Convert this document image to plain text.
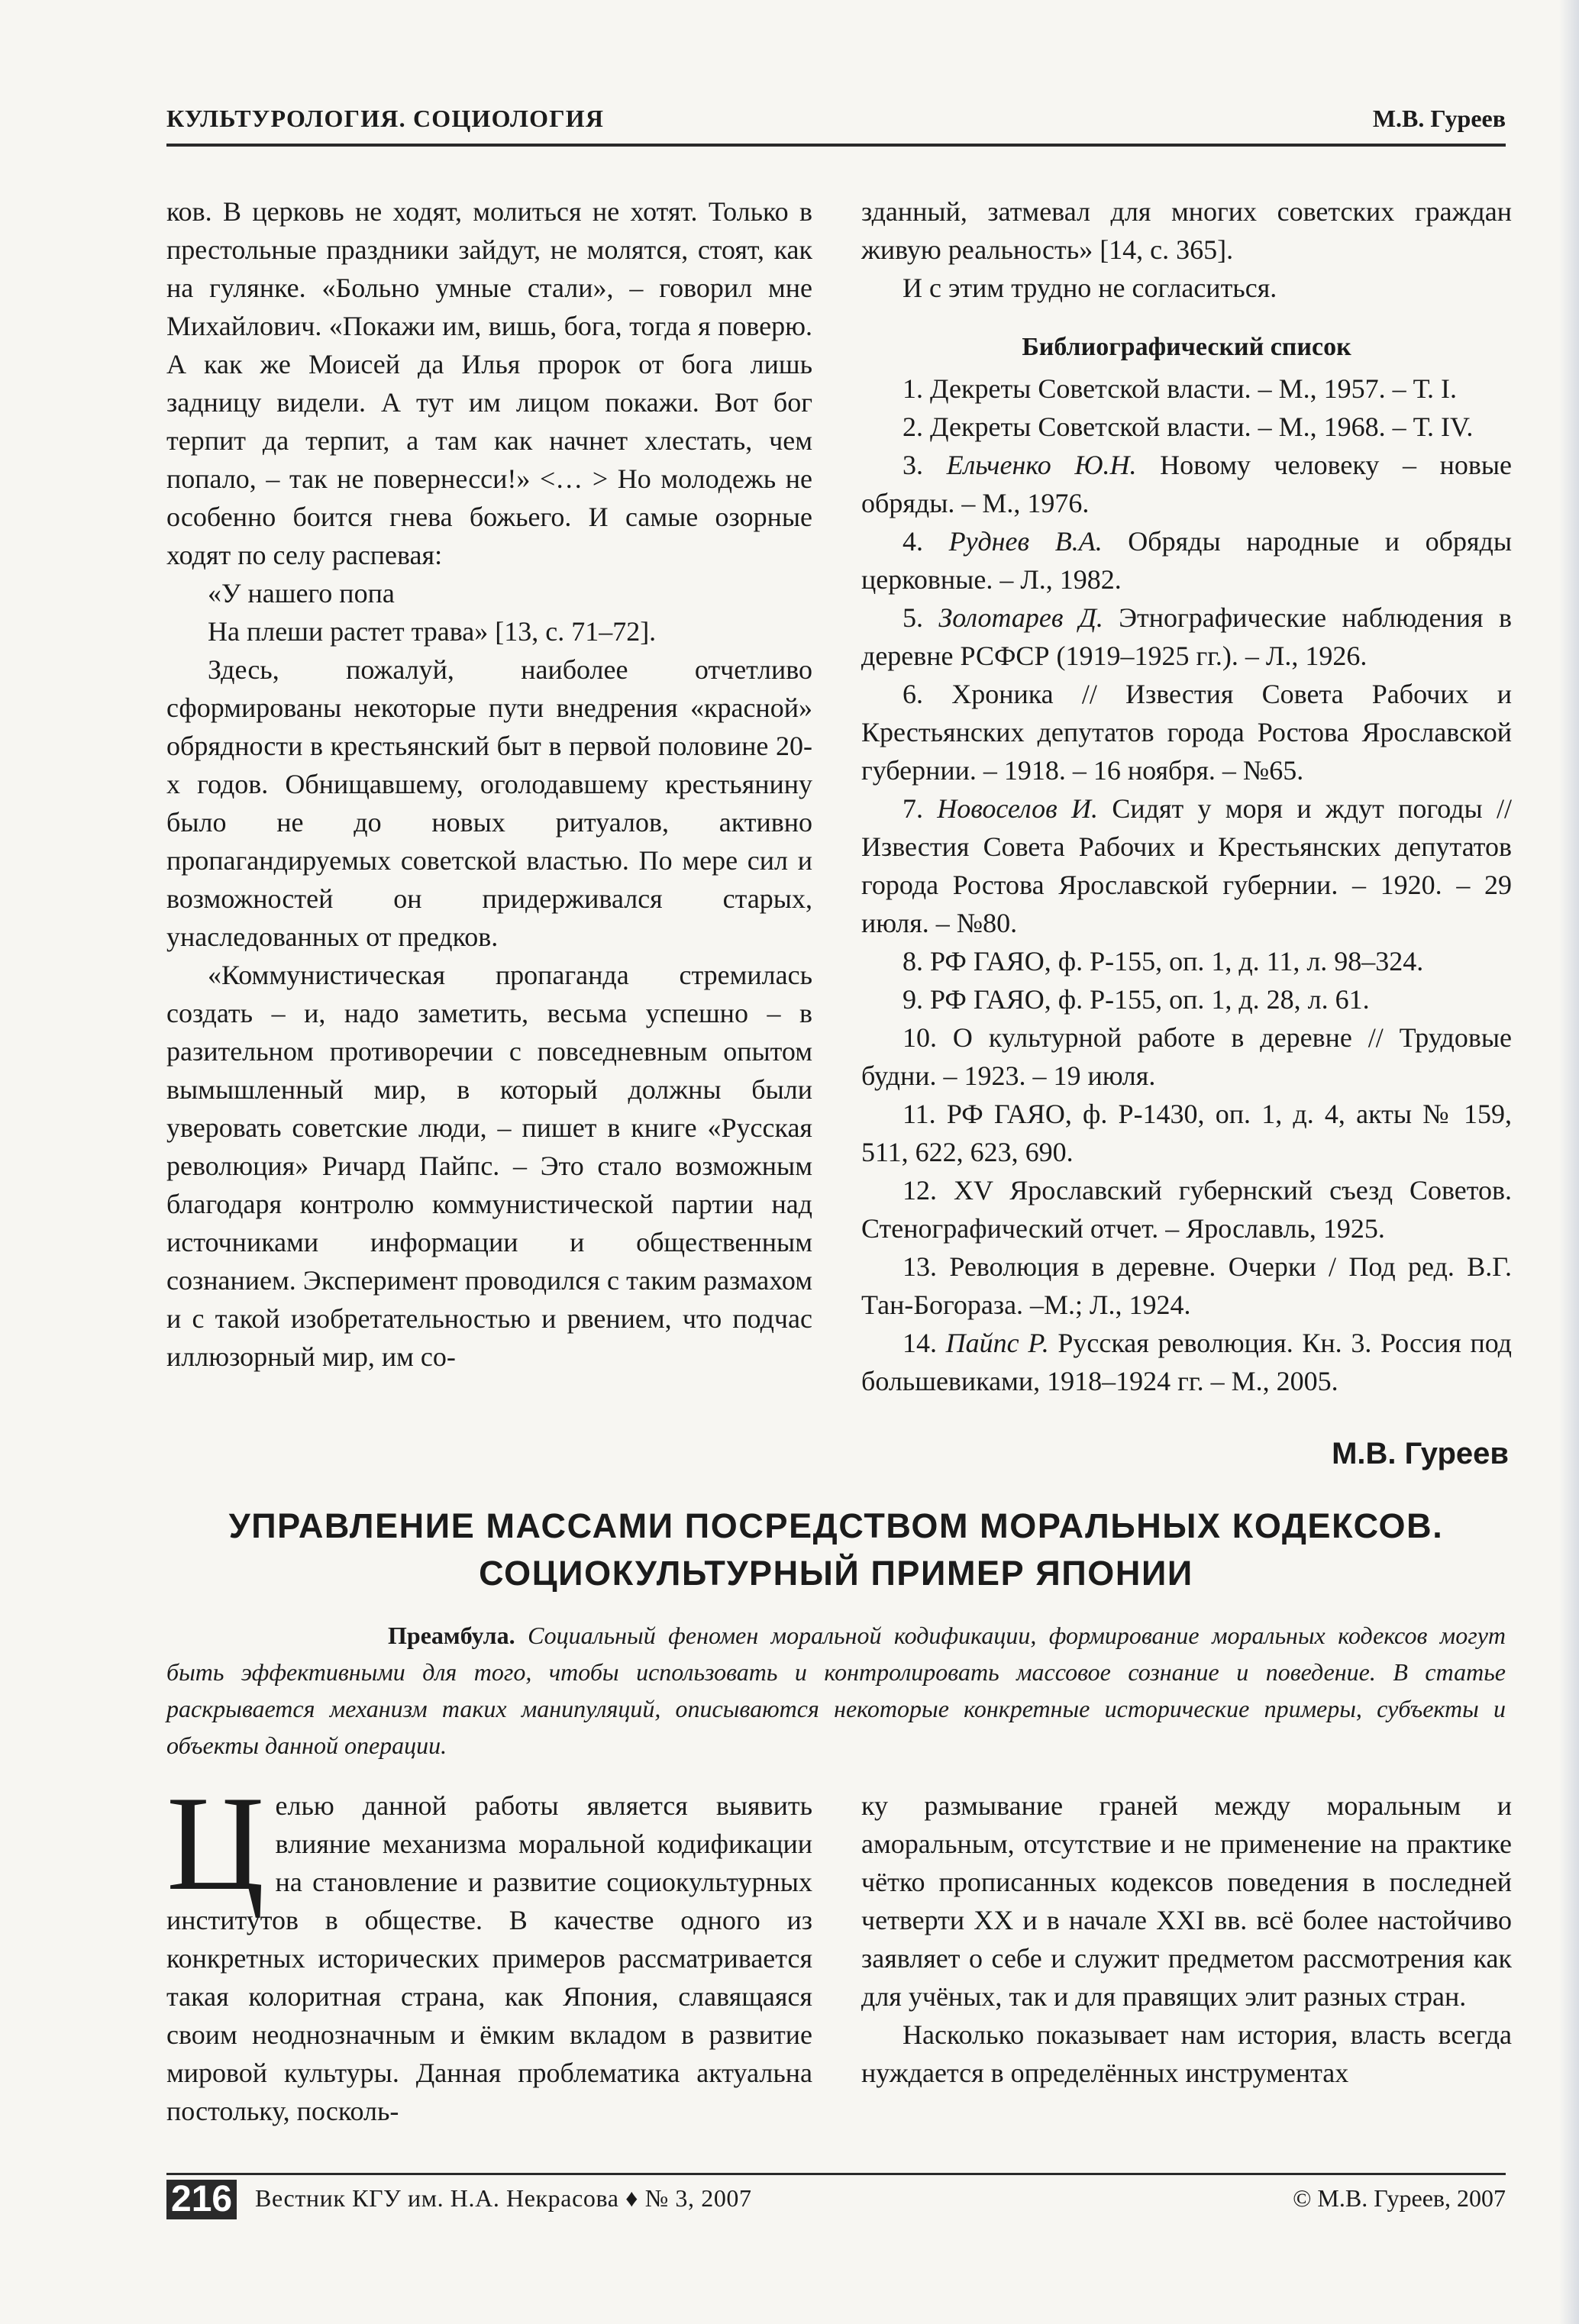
КУЛЬТУРОЛОГИЯ. СОЦИОЛОГИЯ	М.В. Гуреев

ков. В церковь не ходят, молиться не хотят. Только в престольные праздники зайдут, не молятся, стоят, как на гулянке. «Больно умные стали», – говорил мне Михайлович. «Покажи им, вишь, бога, тогда я поверю. А как же Моисей да Илья пророк от бога лишь задницу видели. А тут им лицом покажи. Вот бог терпит да терпит, а там как начнет хлестать, чем попало, – так не повернесси!» <… > Но молодежь не особенно боится гнева божьего. И самые озорные ходят по селу распевая:

«У нашего попа

На плеши растет трава» [13, с. 71–72].

Здесь, пожалуй, наиболее отчетливо сформированы некоторые пути внедрения «красной» обрядности в крестьянский быт в первой половине 20-х годов. Обнищавшему, оголодавшему крестьянину было не до новых ритуалов, активно пропагандируемых советской властью. По мере сил и возможностей он придерживался старых, унаследованных от предков.

«Коммунистическая пропаганда стремилась создать – и, надо заметить, весьма успешно – в разительном противоречии с повседневным опытом вымышленный мир, в который должны были уверовать советские люди, – пишет в книге «Русская революция» Ричард Пайпс. – Это стало возможным благодаря контролю коммунистической партии над источниками информации и общественным сознанием. Эксперимент проводился с таким размахом и с такой изобретательностью и рвением, что подчас иллюзорный мир, им со-

зданный, затмевал для многих советских граждан живую реальность» [14, с. 365].

И с этим трудно не согласиться.

Библиографический список

1. Декреты Советской власти. – М., 1957. – Т. I.

2. Декреты Советской власти. – М., 1968. – Т. IV.

3. Ельченко Ю.Н. Новому человеку – новые обряды. – М., 1976.

4. Руднев В.А. Обряды народные и обряды церковные. – Л., 1982.

5. Золотарев Д. Этнографические наблюдения в деревне РСФСР (1919–1925 гг.). – Л., 1926.

6. Хроника // Известия Совета Рабочих и Крестьянских депутатов города Ростова Ярославской губернии. – 1918. – 16 ноября. – №65.

7. Новоселов И. Сидят у моря и ждут погоды // Известия Совета Рабочих и Крестьянских депутатов города Ростова Ярославской губернии. – 1920. – 29 июля. – №80.

8. РФ ГАЯО, ф. Р-155, оп. 1, д. 11, л. 98–324.

9. РФ ГАЯО, ф. Р-155, оп. 1, д. 28, л. 61.

10. О культурной работе в деревне // Трудовые будни. – 1923. – 19 июля.

11. РФ ГАЯО, ф. Р-1430, оп. 1, д. 4, акты № 159, 511, 622, 623, 690.

12. XV Ярославский губернский съезд Советов. Стенографический отчет. – Ярославль, 1925.

13. Революция в деревне. Очерки / Под ред. В.Г. Тан-Богораза. –М.; Л., 1924.

14. Пайпс Р. Русская революция. Кн. 3. Россия под большевиками, 1918–1924 гг. – М., 2005.

М.В. Гуреев
УПРАВЛЕНИЕ МАССАМИ ПОСРЕДСТВОМ МОРАЛЬНЫХ КОДЕКСОВ.
СОЦИОКУЛЬТУРНЫЙ ПРИМЕР ЯПОНИИ
Преамбула. Социальный феномен моральной кодификации, формирование моральных кодексов могут быть эффективными для того, чтобы использовать и контролировать массовое сознание и поведение. В статье раскрывается механизм таких манипуляций, описываются некоторые конкретные исторические примеры, субъекты и объекты данной операции.

Целью данной работы является выявить влияние механизма моральной кодификации на становление и развитие социокультурных институтов в обществе. В качестве одного из конкретных исторических примеров рассматривается такая колоритная страна, как Япония, славящаяся своим неоднозначным и ёмким вкладом в развитие мировой культуры. Данная проблематика актуальна постольку, посколь-

ку размывание граней между моральным и аморальным, отсутствие и не применение на практике чётко прописанных кодексов поведения в последней четверти XX и в начале XXI вв. всё более настойчиво заявляет о себе и служит предметом рассмотрения как для учёных, так и для правящих элит разных стран.

Насколько показывает нам история, власть всегда нуждается в определённых инструментах

216 Вестник КГУ им. Н.А. Некрасова ♦ № 3, 2007	© М.В. Гуреев, 2007
